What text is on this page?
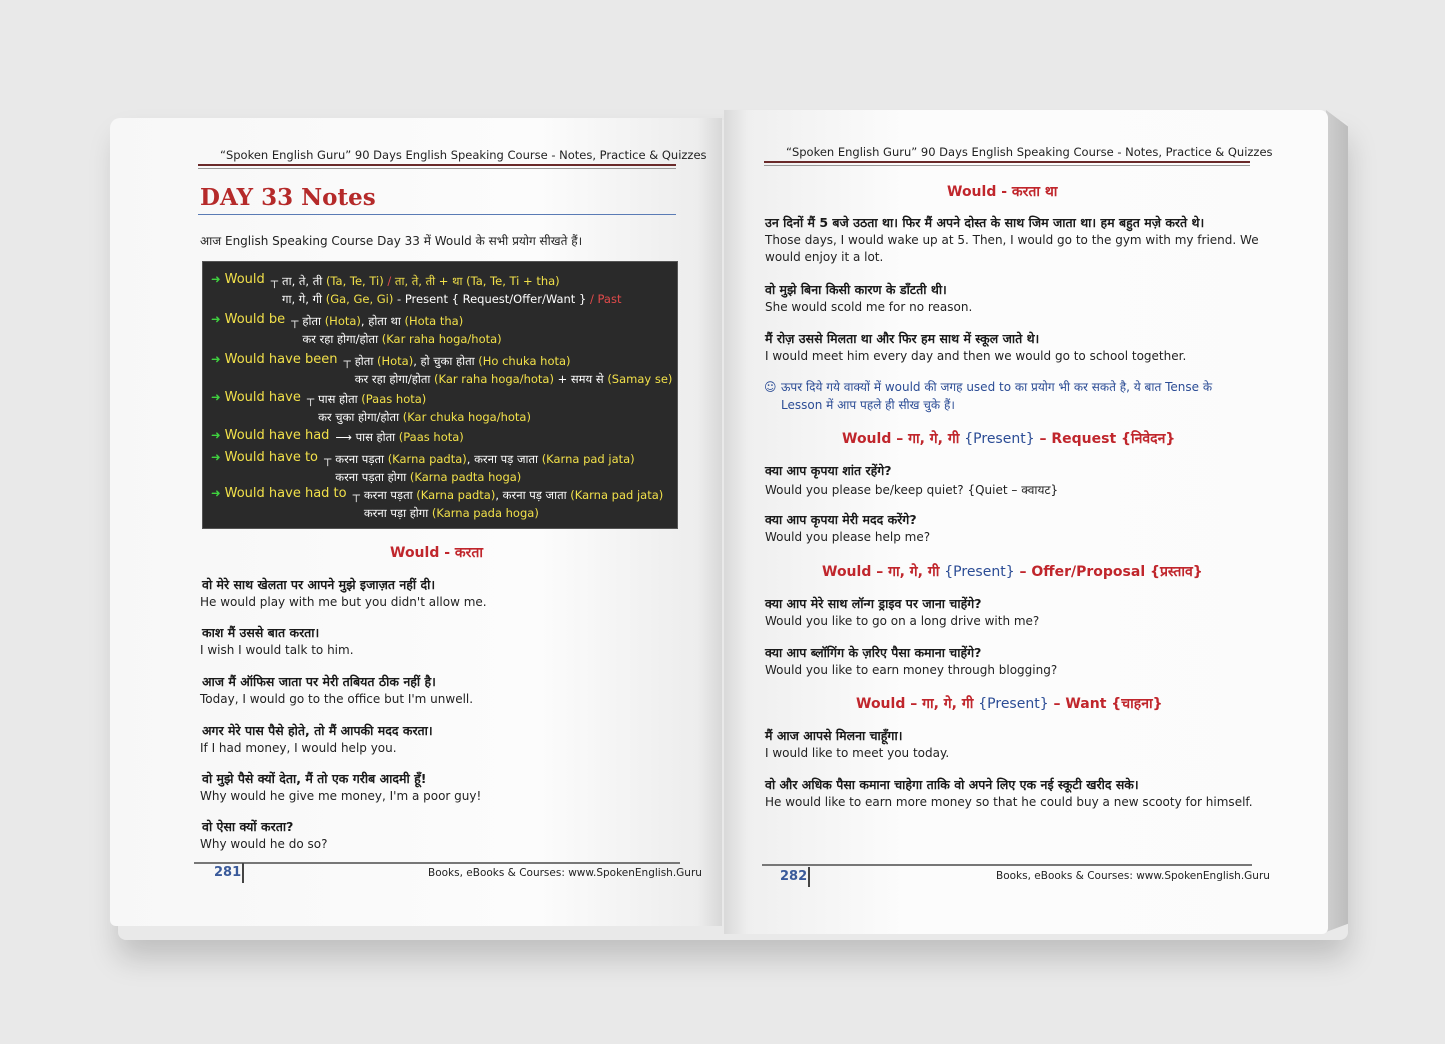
“Spoken English Guru” 90 Days English Speaking Course - Notes, Practice & Quizzes
DAY 33 Notes
आज English Speaking Course Day 33 में Would के सभी प्रयोग सीखते हैं।
➜ Would ┬ ता, ते, ती (Ta, Te, Ti) / ता, ते, ती + था (Ta, Te, Ti + tha)
गा, गे, गी (Ga, Ge, Gi) - Present { Request/Offer/Want } / Past
➜ Would be ┬ होता (Hota), होता था (Hota tha)
कर रहा होगा/होता (Kar raha hoga/hota)
➜ Would have been ┬ होता (Hota), हो चुका होता (Ho chuka hota)
कर रहा होगा/होता (Kar raha hoga/hota) + समय से (Samay se)
➜ Would have ┬ पास होता (Paas hota)
कर चुका होगा/होता (Kar chuka hoga/hota)
➜ Would have had ⟶ पास होता (Paas hota)
➜ Would have to ┬ करना पड़ता (Karna padta), करना पड़ जाता (Karna pad jata)
करना पड़ता होगा (Karna padta hoga)
➜ Would have had to ┬ करना पड़ता (Karna padta), करना पड़ जाता (Karna pad jata)
करना पड़ा होगा (Karna pada hoga)
Would - करता
281	Books, eBooks & Courses: www.SpokenEnglish.Guru
वो मेरे साथ खेलता पर आपने मुझे इजाज़त नहीं दी।
He would play with me but you didn't allow me.
काश मैं उससे बात करता।
I wish I would talk to him.
आज मैं ऑफिस जाता पर मेरी तबियत ठीक नहीं है।
Today, I would go to the office but I'm unwell.
अगर मेरे पास पैसे होते, तो मैं आपकी मदद करता।
If I had money, I would help you.
वो मुझे पैसे क्यों देता, मैं तो एक गरीब आदमी हूँ!
Why would he give me money, I'm a poor guy!
वो ऐसा क्यों करता?
Why would he do so?
“Spoken English Guru” 90 Days English Speaking Course - Notes, Practice & Quizzes
Would - करता था
उन दिनों मैं 5 बजे उठता था। फिर मैं अपने दोस्त के साथ जिम जाता था। हम बहुत मज़े करते थे।
Those days, I would wake up at 5. Then, I would go to the gym with my friend. We
would enjoy it a lot.
वो मुझे बिना किसी कारण के डाँटती थी।
She would scold me for no reason.
मैं रोज़ उससे मिलता था और फिर हम साथ में स्कूल जाते थे।
I would meet him every day and then we would go to school together.
☺ ऊपर दिये गये वाक्यों में would की जगह used to का प्रयोग भी कर सकते है, ये बात Tense के
Lesson में आप पहले ही सीख चुके हैं।
Would – गा, गे, गी {Present} – Request {निवेदन}
क्या आप कृपया शांत रहेंगे?
Would you please be/keep quiet? {Quiet – क्वायट}
क्या आप कृपया मेरी मदद करेंगे?
Would you please help me?
Would – गा, गे, गी {Present} – Offer/Proposal {प्रस्ताव}
क्या आप मेरे साथ लॉन्ग ड्राइव पर जाना चाहेंगे?
Would you like to go on a long drive with me?
क्या आप ब्लॉगिंग के ज़रिए पैसा कमाना चाहेंगे?
Would you like to earn money through blogging?
Would – गा, गे, गी {Present} – Want {चाहना}
मैं आज आपसे मिलना चाहूँगा।
I would like to meet you today.
वो और अधिक पैसा कमाना चाहेगा ताकि वो अपने लिए एक नई स्कूटी खरीद सके।
He would like to earn more money so that he could buy a new scooty for himself.
282	Books, eBooks & Courses: www.SpokenEnglish.Guru
